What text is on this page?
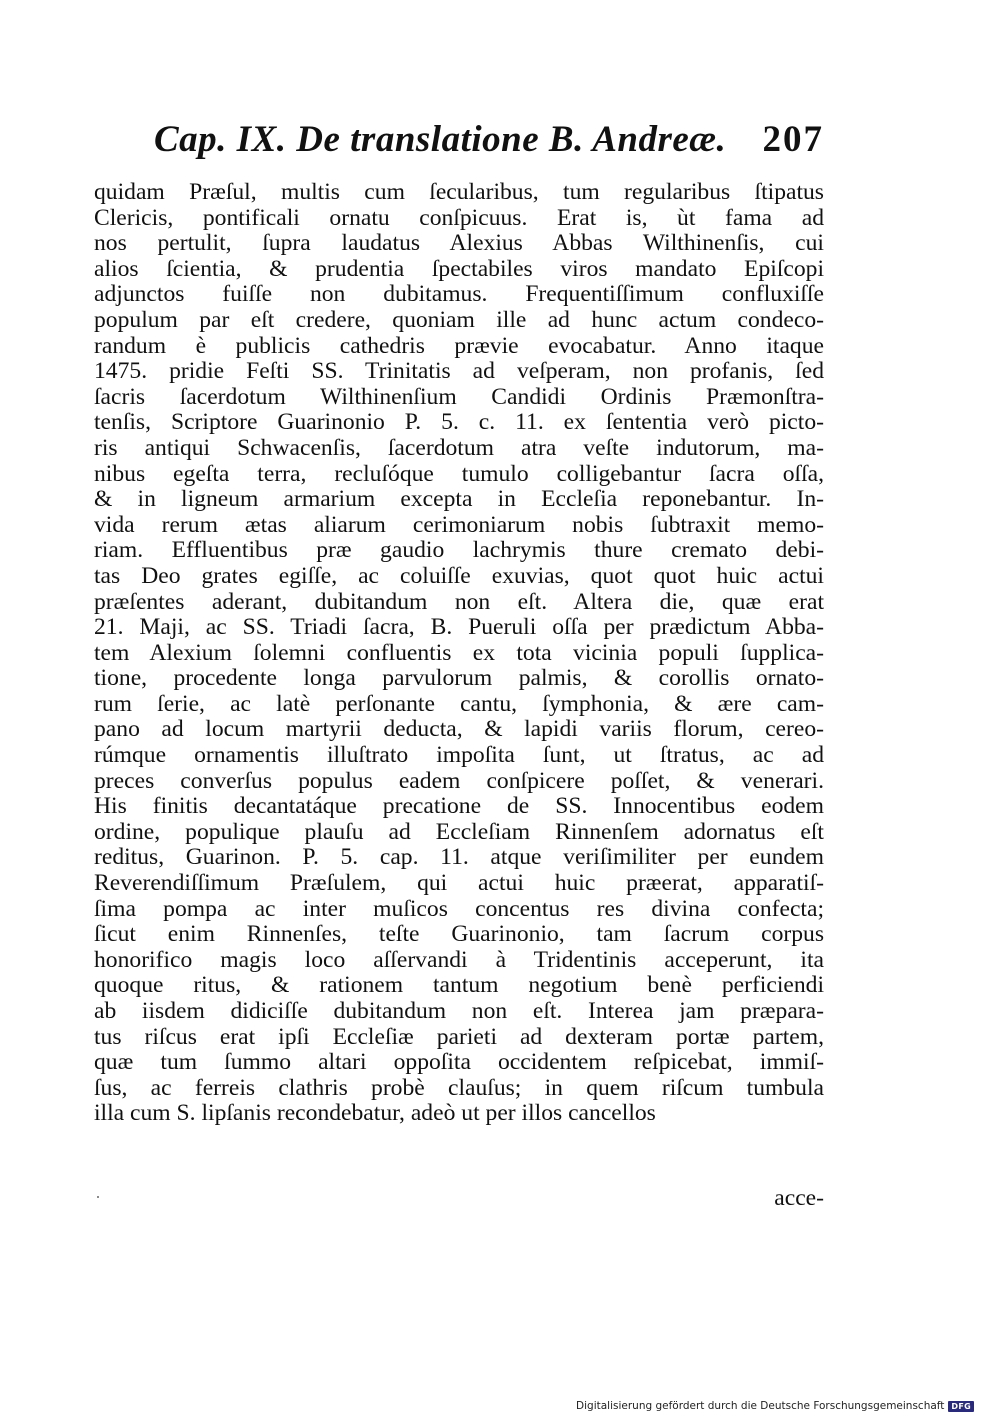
Cap. IX. De translatione B. Andreæ. 207
quidam Præſul, multis cum ſecularibus, tum regularibus ſtipatus
Clericis, pontificali ornatu conſpicuus. Erat is, ùt fama ad
nos pertulit, ſupra laudatus Alexius Abbas Wilthinenſis, cui
alios ſcientia, & prudentia ſpectabiles viros mandato Epiſcopi
adjunctos fuiſſe non dubitamus. Frequentiſſimum confluxiſſe
populum par eſt credere, quoniam ille ad hunc actum condeco-
randum è publicis cathedris prævie evocabatur. Anno itaque
1475. pridie Feſti SS. Trinitatis ad veſperam, non profanis, ſed
ſacris ſacerdotum Wilthinenſium Candidi Ordinis Præmonſtra-
tenſis, Scriptore Guarinonio P. 5. c. 11. ex ſententia verò picto-
ris antiqui Schwacenſis, ſacerdotum atra veſte indutorum, ma-
nibus egeſta terra, recluſóque tumulo colligebantur ſacra oſſa,
& in ligneum armarium excepta in Eccleſia reponebantur. In-
vida rerum ætas aliarum cerimoniarum nobis ſubtraxit memo-
riam. Effluentibus præ gaudio lachrymis thure cremato debi-
tas Deo grates egiſſe, ac coluiſſe exuvias, quot quot huic actui
præſentes aderant, dubitandum non eſt. Altera die, quæ erat
21. Maji, ac SS. Triadi ſacra, B. Pueruli oſſa per prædictum Abba-
tem Alexium ſolemni confluentis ex tota vicinia populi ſupplica-
tione, procedente longa parvulorum palmis, & corollis ornato-
rum ſerie, ac latè perſonante cantu, ſymphonia, & ære cam-
pano ad locum martyrii deducta, & lapidi variis florum, cereo-
rúmque ornamentis illuſtrato impoſita ſunt, ut ſtratus, ac ad
preces converſus populus eadem conſpicere poſſet, & venerari.
His finitis decantatáque precatione de SS. Innocentibus eodem
ordine, populique plauſu ad Eccleſiam Rinnenſem adornatus eſt
reditus, Guarinon. P. 5. cap. 11. atque veriſimiliter per eundem
Reverendiſſimum Præſulem, qui actui huic præerat, apparatiſ-
ſima pompa ac inter muſicos concentus res divina confecta;
ſicut enim Rinnenſes, teſte Guarinonio, tam ſacrum corpus
honorifico magis loco aſſervandi à Tridentinis acceperunt, ita
quoque ritus, & rationem tantum negotium benè perficiendi
ab iisdem didiciſſe dubitandum non eſt. Interea jam præpara-
tus riſcus erat ipſi Eccleſiæ parieti ad dexteram portæ partem,
quæ tum ſummo altari oppoſita occidentem reſpicebat, immiſ-
ſus, ac ferreis clathris probè clauſus; in quem riſcum tumbula
illa cum S. lipſanis recondebatur, adeò ut per illos cancellos
acce-
Digitalisierung gefördert durch die Deutsche Forschungsgemeinschaft DFG
